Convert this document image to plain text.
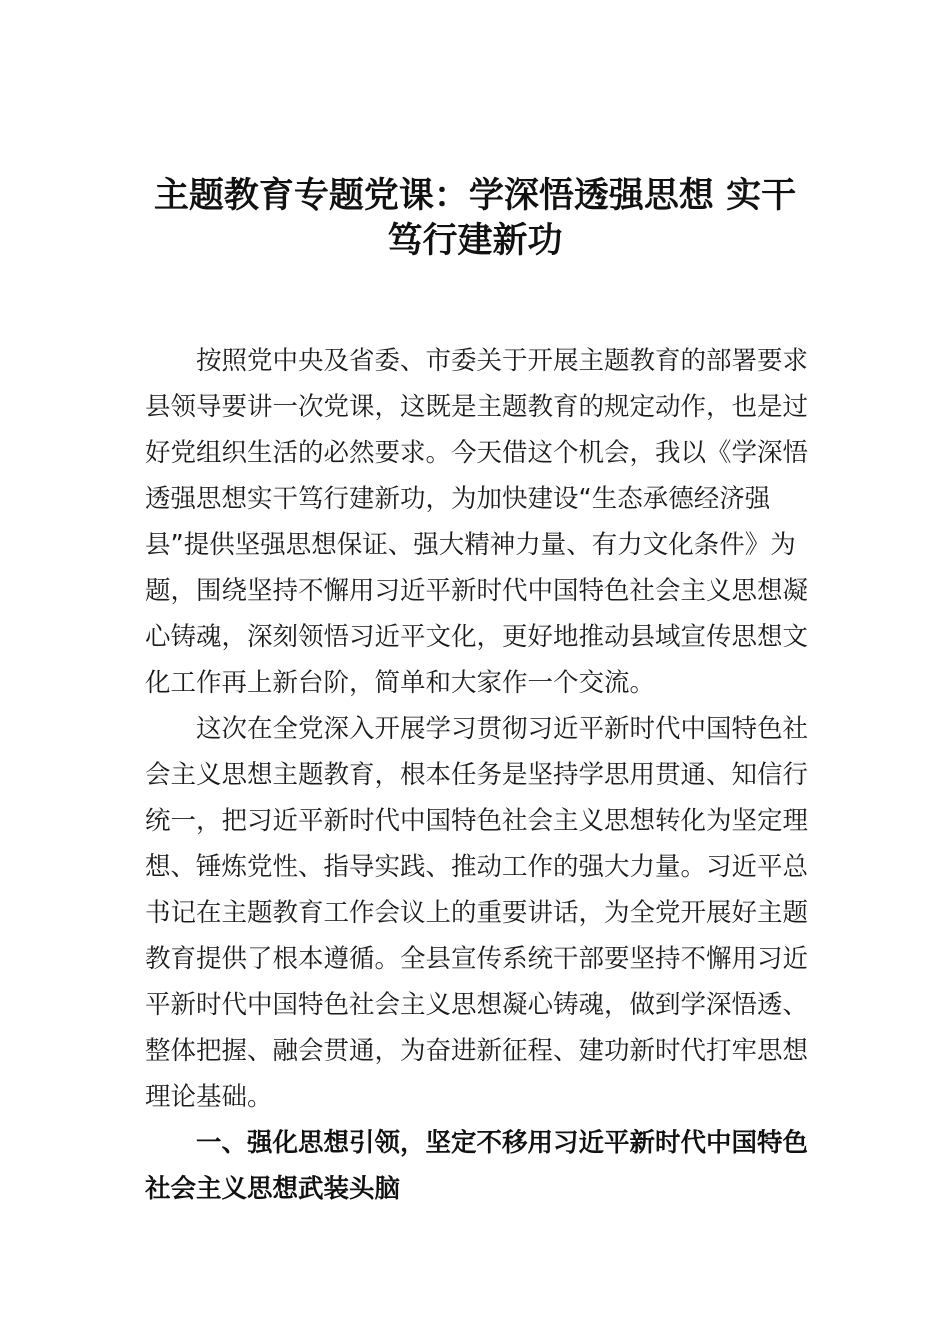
主题教育专题党课：学深悟透强思想 实干
笃行建新功

按照党中央及省委、市委关于开展主题教育的部署要求

县领导要讲一次党课，这既是主题教育的规定动作，也是过

好党组织生活的必然要求。今天借这个机会，我以《学深悟

透强思想实干笃行建新功，为加快建设“生态承德经济强

县”提供坚强思想保证、强大精神力量、有力文化条件》为

题，围绕坚持不懈用习近平新时代中国特色社会主义思想凝

心铸魂，深刻领悟习近平文化，更好地推动县域宣传思想文

化工作再上新台阶，简单和大家作一个交流。

这次在全党深入开展学习贯彻习近平新时代中国特色社

会主义思想主题教育，根本任务是坚持学思用贯通、知信行

统一，把习近平新时代中国特色社会主义思想转化为坚定理

想、锤炼党性、指导实践、推动工作的强大力量。习近平总

书记在主题教育工作会议上的重要讲话，为全党开展好主题

教育提供了根本遵循。全县宣传系统干部要坚持不懈用习近

平新时代中国特色社会主义思想凝心铸魂，做到学深悟透、

整体把握、融会贯通，为奋进新征程、建功新时代打牢思想

理论基础。

一、强化思想引领，坚定不移用习近平新时代中国特色

社会主义思想武装头脑
